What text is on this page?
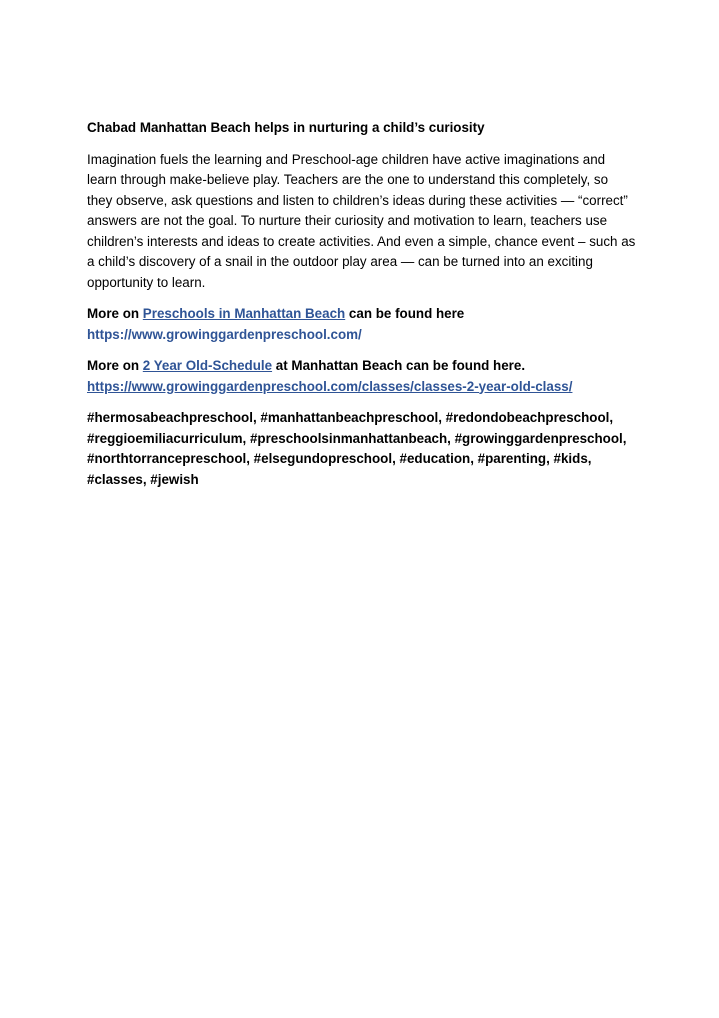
Chabad Manhattan Beach helps in nurturing a child’s curiosity

Imagination fuels the learning and Preschool-age children have active imaginations and learn through make-believe play. Teachers are the one to understand this completely, so they observe, ask questions and listen to children’s ideas during these activities — “correct” answers are not the goal. To nurture their curiosity and motivation to learn, teachers use children’s interests and ideas to create activities. And even a simple, chance event – such as a child’s discovery of a snail in the outdoor play area — can be turned into an exciting opportunity to learn.

More on Preschools in Manhattan Beach can be found here
https://www.growinggardenpreschool.com/

More on 2 Year Old-Schedule at Manhattan Beach can be found here.
https://www.growinggardenpreschool.com/classes/classes-2-year-old-class/

#hermosabeachpreschool, #manhattanbeachpreschool, #redondobeachpreschool, #reggioemiliacurriculum, #preschoolsinmanhattanbeach, #growinggardenpreschool, #northtorrancepreschool, #elsegundopreschool, #education, #parenting, #kids, #classes, #jewish
